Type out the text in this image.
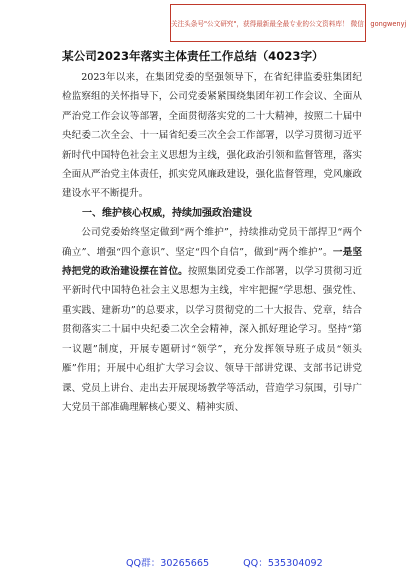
关注头条号"公文研究"，获得最新最全最专业的公文资料库！ 微信：gongwenyj
某公司2023年落实主体责任工作总结（4023字）

2023年以来，在集团党委的坚强领导下，在省纪律监委驻集团纪检监察组的关怀指导下，公司党委紧紧围绕集团年初工作会议、全面从严治党工作会议等部署，全面贯彻落实党的二十大精神，按照二十届中央纪委二次全会、十一届省纪委三次全会工作部署，以学习贯彻习近平新时代中国特色社会主义思想为主线，强化政治引领和监督管理，落实全面从严治党主体责任，抓实党风廉政建设，强化监督管理，党风廉政建设水平不断提升。

一、维护核心权威，持续加强政治建设

公司党委始终坚定做到“两个维护”，持续推动党员干部捍卫“两个确立”、增强“四个意识”、坚定“四个自信”，做到“两个维护”。一是坚持把党的政治建设摆在首位。按照集团党委工作部署，以学习贯彻习近平新时代中国特色社会主义思想为主线，牢牢把握“学思想、强党性、重实践、建新功”的总要求，以学习贯彻党的二十大报告、党章，结合贯彻落实二十届中央纪委二次全会精神，深入抓好理论学习。坚持“第一议题”制度，开展专题研讨“领学”，充分发挥领导班子成员“领头雁”作用；开展中心组扩大学习会议、领导干部讲党课、支部书记讲党课、党员上讲台、走出去开展现场教学等活动，营造学习氛围，引导广大党员干部准确理解核心要义、精神实质、

QQ群：30265665	QQ：535304092
